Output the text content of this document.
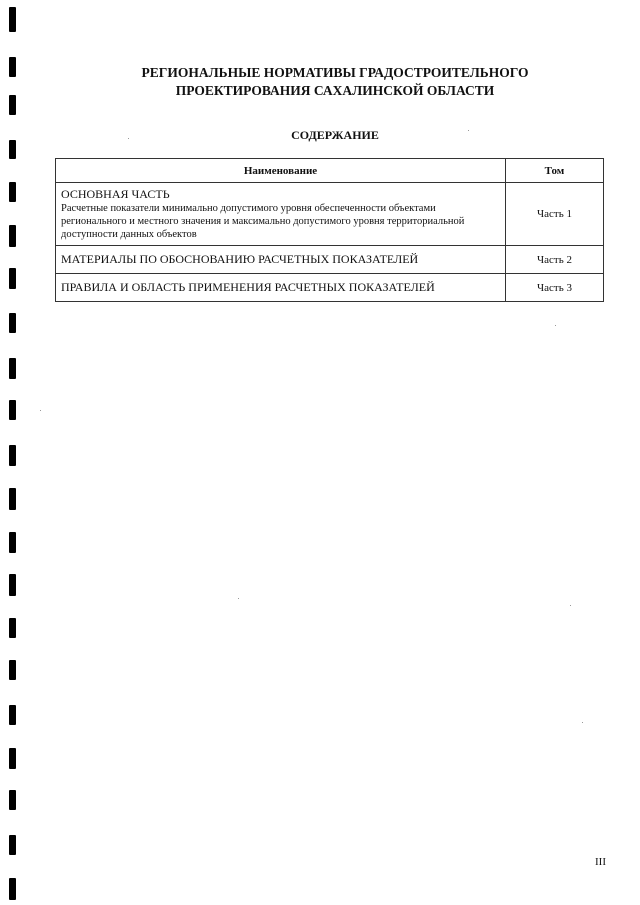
РЕГИОНАЛЬНЫЕ НОРМАТИВЫ ГРАДОСТРОИТЕЛЬНОГО
ПРОЕКТИРОВАНИЯ САХАЛИНСКОЙ ОБЛАСТИ
СОДЕРЖАНИЕ
Наименование	Том

ОСНОВНАЯ ЧАСТЬ
Расчетные показатели минимально допустимого уровня обеспеченности объектами регионального и местного значения и максимально допустимого уровня территориальной доступности данных объектов	Часть 1

МАТЕРИАЛЫ ПО ОБОСНОВАНИЮ РАСЧЕТНЫХ ПОКАЗАТЕЛЕЙ	Часть 2

ПРАВИЛА И ОБЛАСТЬ ПРИМЕНЕНИЯ РАСЧЕТНЫХ ПОКАЗАТЕЛЕЙ	Часть 3

III
